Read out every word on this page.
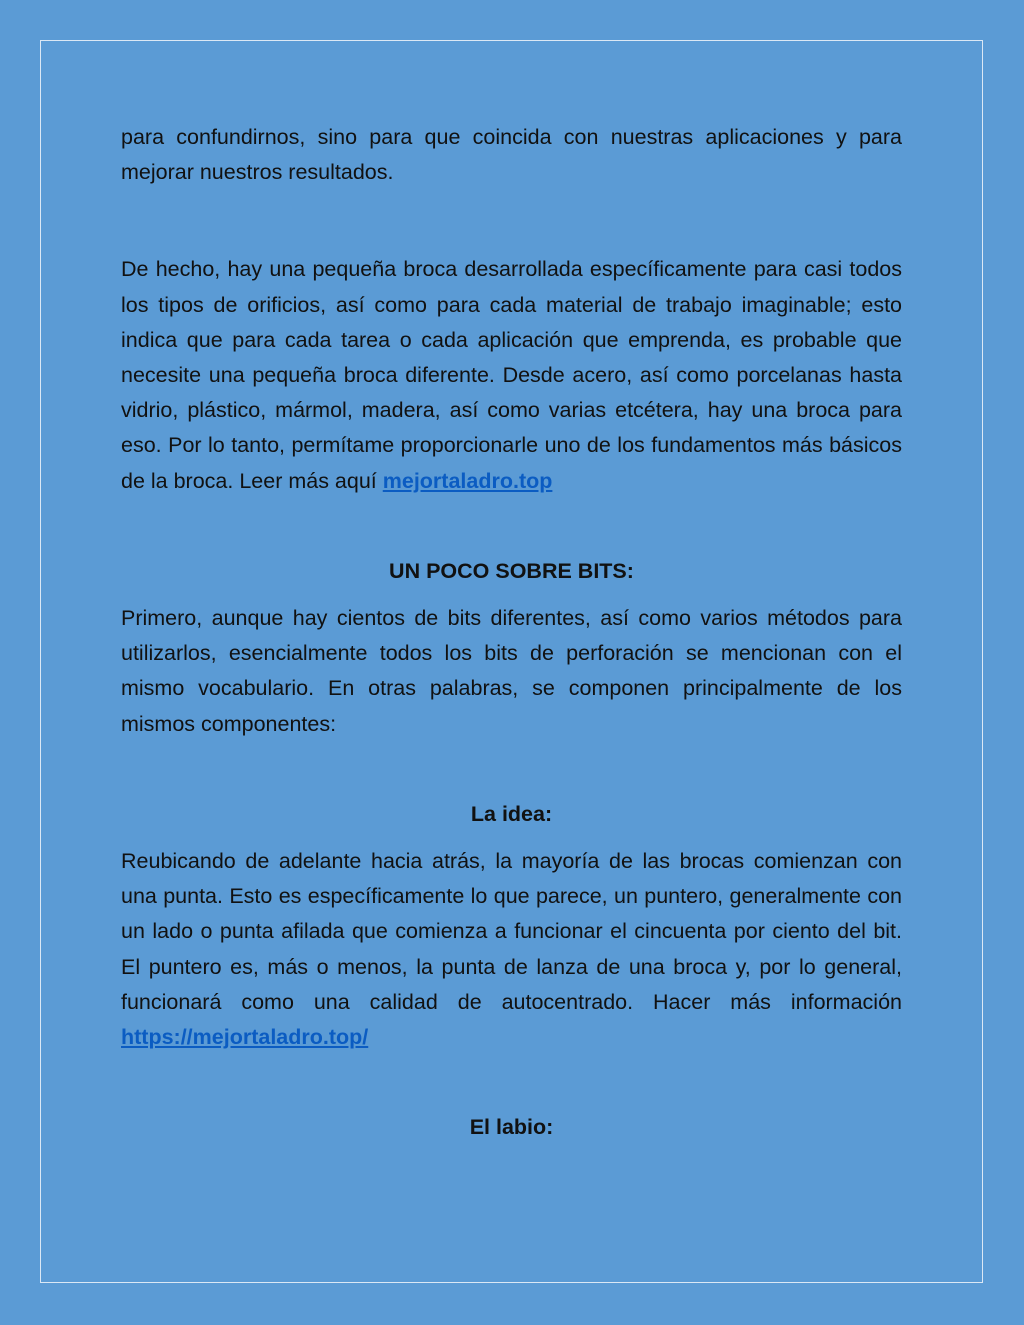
para confundirnos, sino para que coincida con nuestras aplicaciones y para mejorar nuestros resultados.

De hecho, hay una pequeña broca desarrollada específicamente para casi todos los tipos de orificios, así como para cada material de trabajo imaginable; esto indica que para cada tarea o cada aplicación que emprenda, es probable que necesite una pequeña broca diferente. Desde acero, así como porcelanas hasta vidrio, plástico, mármol, madera, así como varias etcétera, hay una broca para eso. Por lo tanto, permítame proporcionarle uno de los fundamentos más básicos de la broca. Leer más aquí mejortaladro.top

UN POCO SOBRE BITS:

Primero, aunque hay cientos de bits diferentes, así como varios métodos para utilizarlos, esencialmente todos los bits de perforación se mencionan con el mismo vocabulario. En otras palabras, se componen principalmente de los mismos componentes:

La idea:

Reubicando de adelante hacia atrás, la mayoría de las brocas comienzan con una punta. Esto es específicamente lo que parece, un puntero, generalmente con un lado o punta afilada que comienza a funcionar el cincuenta por ciento del bit. El puntero es, más o menos, la punta de lanza de una broca y, por lo general, funcionará como una calidad de autocentrado. Hacer más información https://mejortaladro.top/

El labio:
